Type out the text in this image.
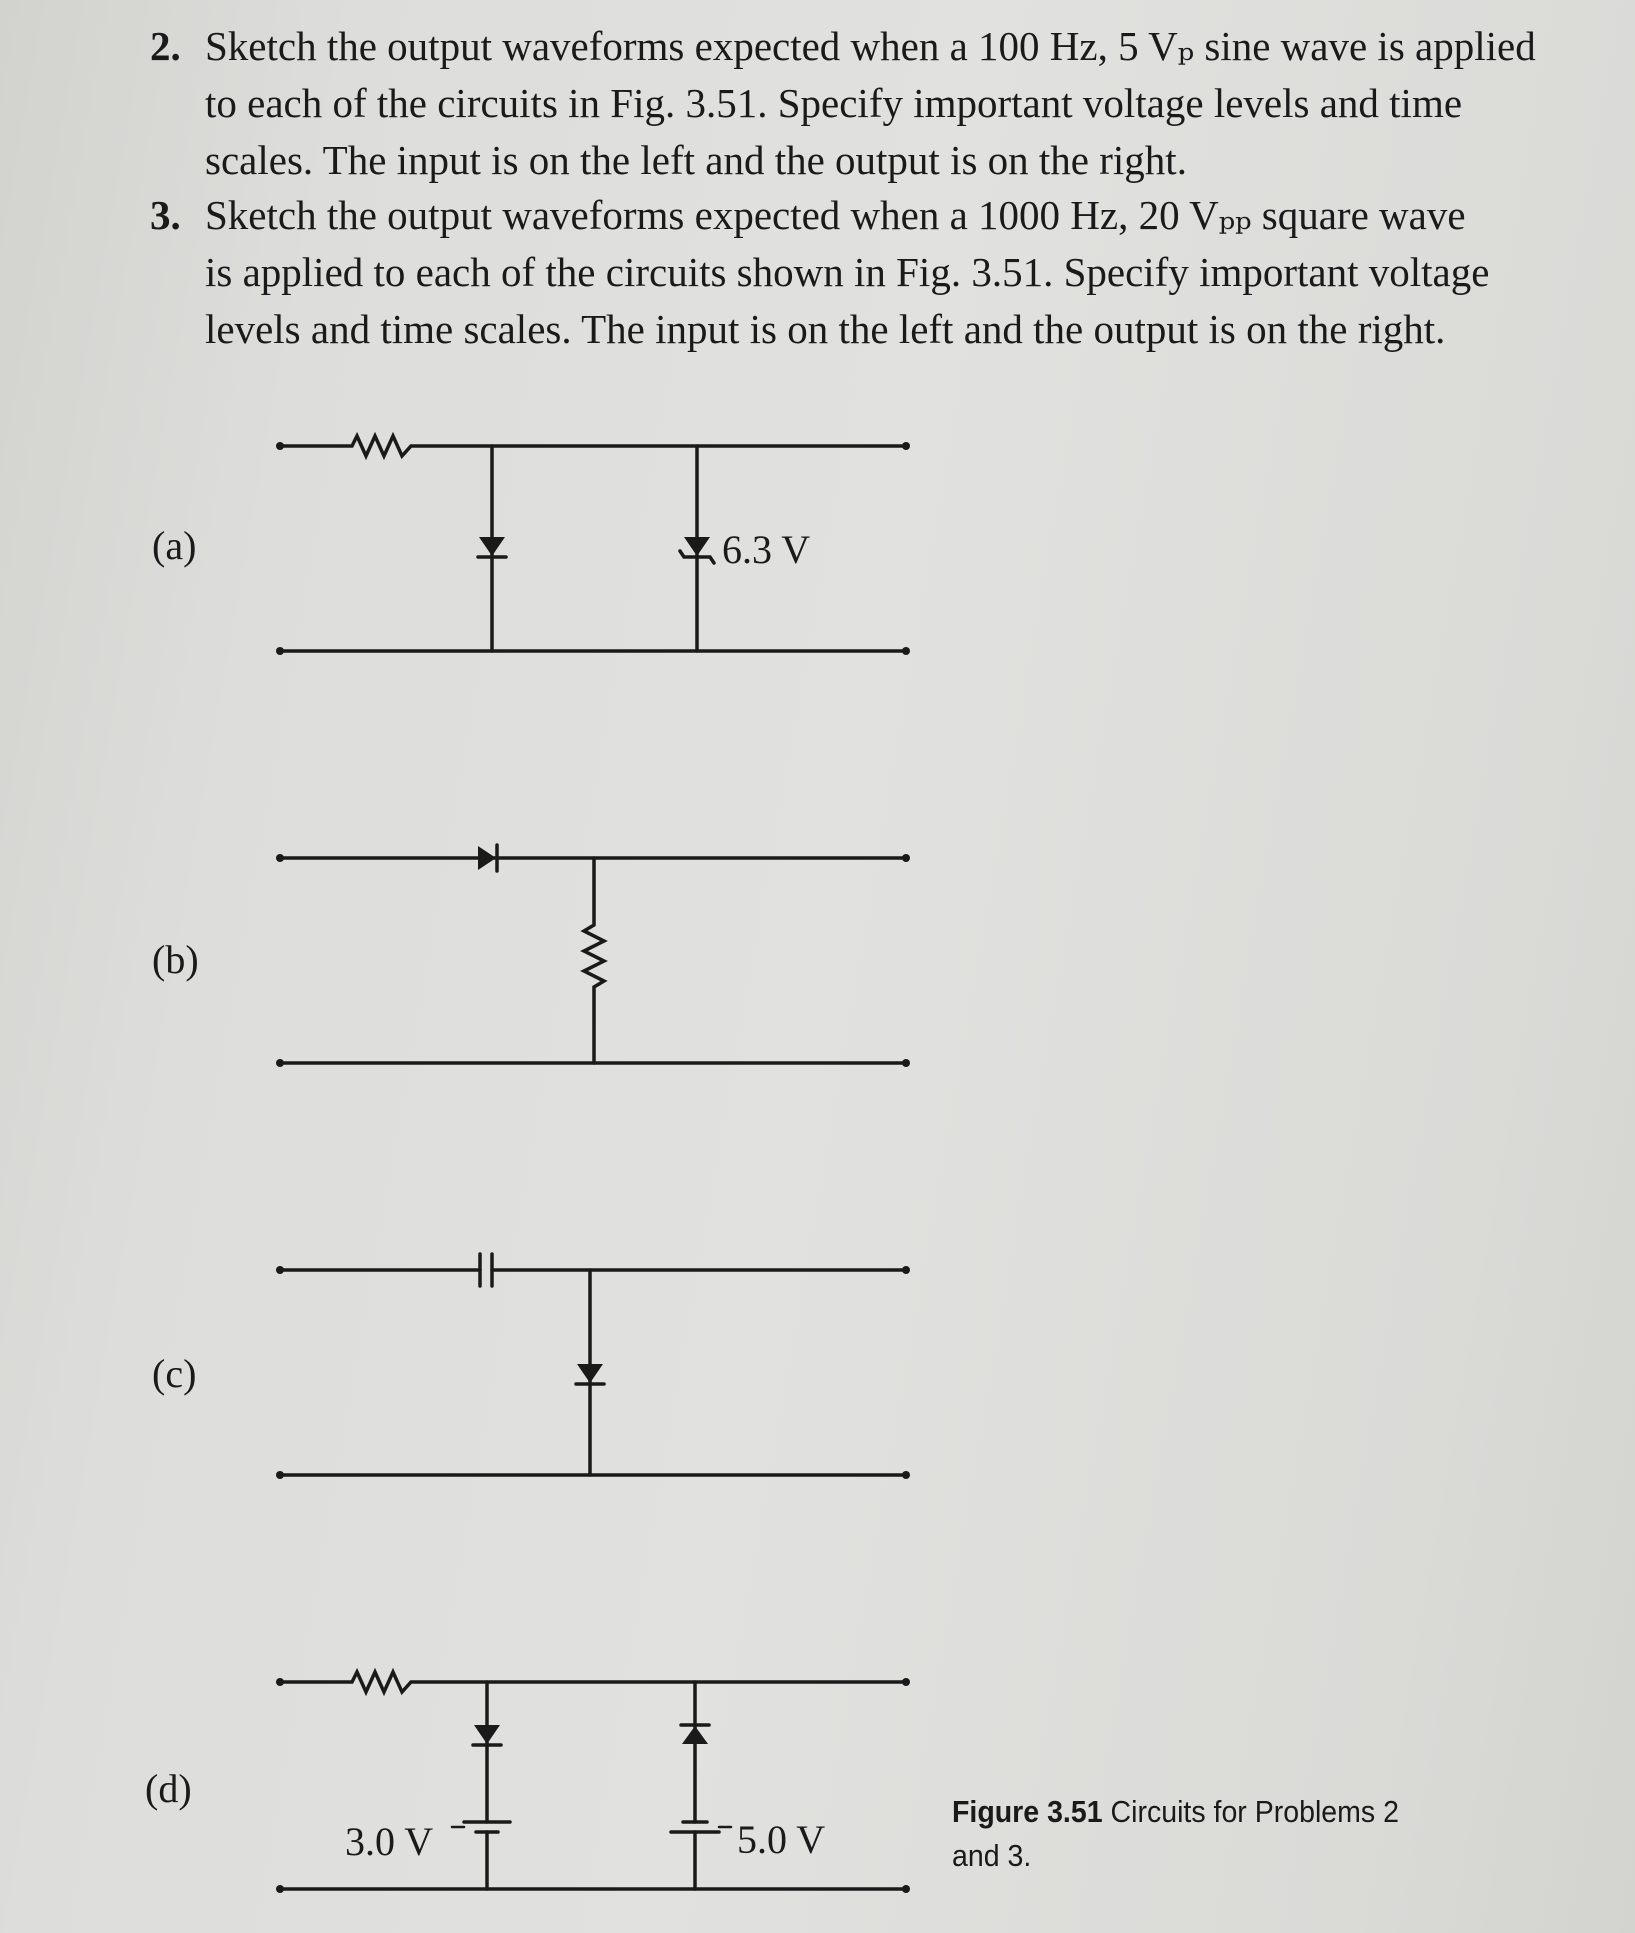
2. Sketch the output waveforms expected when a 100 Hz, 5 Vₚ sine wave is applied
to each of the circuits in Fig. 3.51. Specify important voltage levels and time
scales. The input is on the left and the output is on the right.
3. Sketch the output waveforms expected when a 1000 Hz, 20 Vₚₚ square wave
is applied to each of the circuits shown in Fig. 3.51. Specify important voltage
levels and time scales. The input is on the left and the output is on the right.
(a)
(b)
(c)
(d)
6.3 V
3.0 V	5.0 V
Figure 3.51 Circuits for Problems 2 and 3.
